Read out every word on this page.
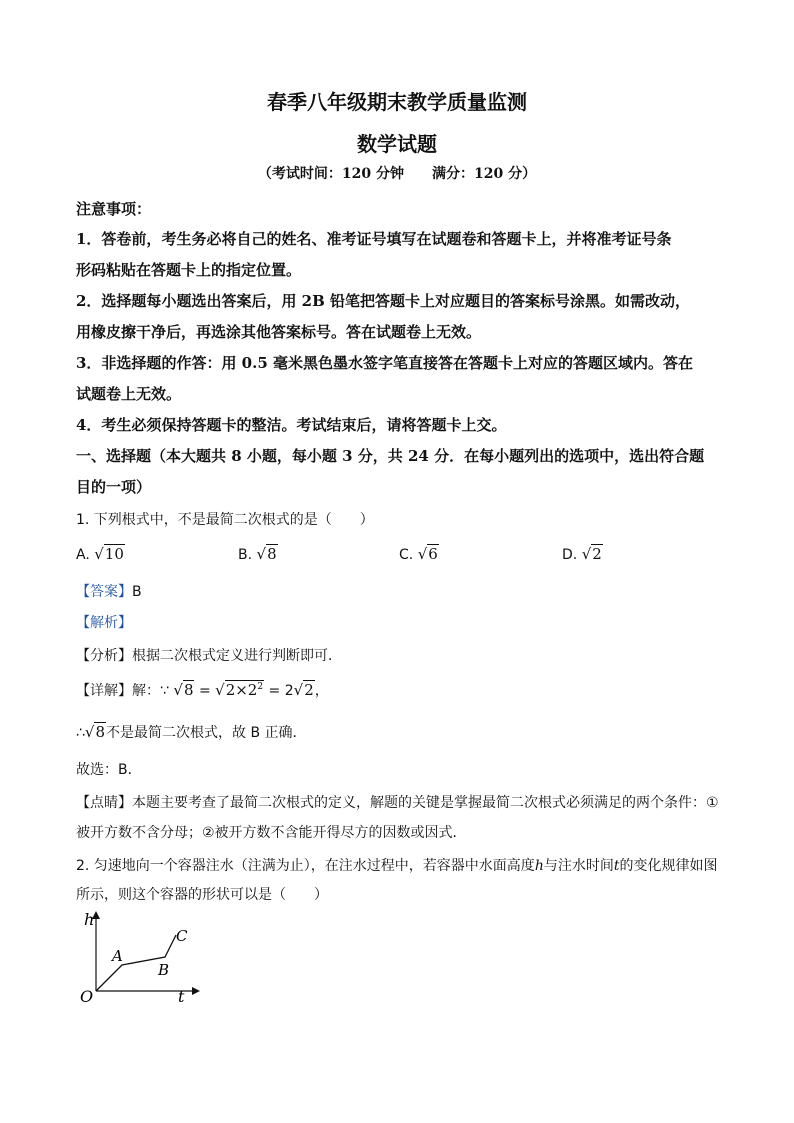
春季八年级期末教学质量监测
数学试题
（考试时间：120 分钟　　满分：120 分）
注意事项：
1．答卷前，考生务必将自己的姓名、准考证号填写在试题卷和答题卡上，并将准考证号条
形码粘贴在答题卡上的指定位置。
2．选择题每小题选出答案后，用 2B 铅笔把答题卡上对应题目的答案标号涂黑。如需改动，
用橡皮擦干净后，再选涂其他答案标号。答在试题卷上无效。
3．非选择题的作答：用 0.5 毫米黑色墨水签字笔直接答在答题卡上对应的答题区域内。答在
试题卷上无效。
4．考生必须保持答题卡的整洁。考试结束后，请将答题卡上交。
一、选择题（本大题共 8 小题，每小题 3 分，共 24 分．在每小题列出的选项中，选出符合题
目的一项）
1. 下列根式中，不是最简二次根式的是（　　）
A. √10	B. √8	C. √6	D. √2
【答案】B
【解析】
【分析】根据二次根式定义进行判断即可．
【详解】解：∵ $√8 = √2\times 2^2 = 2√2$，
∴√8不是最简二次根式，故 B 正确．
故选：B．
【点睛】本题主要考查了最简二次根式的定义，解题的关键是掌握最简二次根式必须满足的两个条件：①
被开方数不含分母；②被开方数不含能开得尽方的因数或因式．
2. 匀速地向一个容器注水（注满为止），在注水过程中，若容器中水面高度h与注水时间t的变化规律如图
所示，则这个容器的形状可以是（　　）
h
t
O
A
B
C
